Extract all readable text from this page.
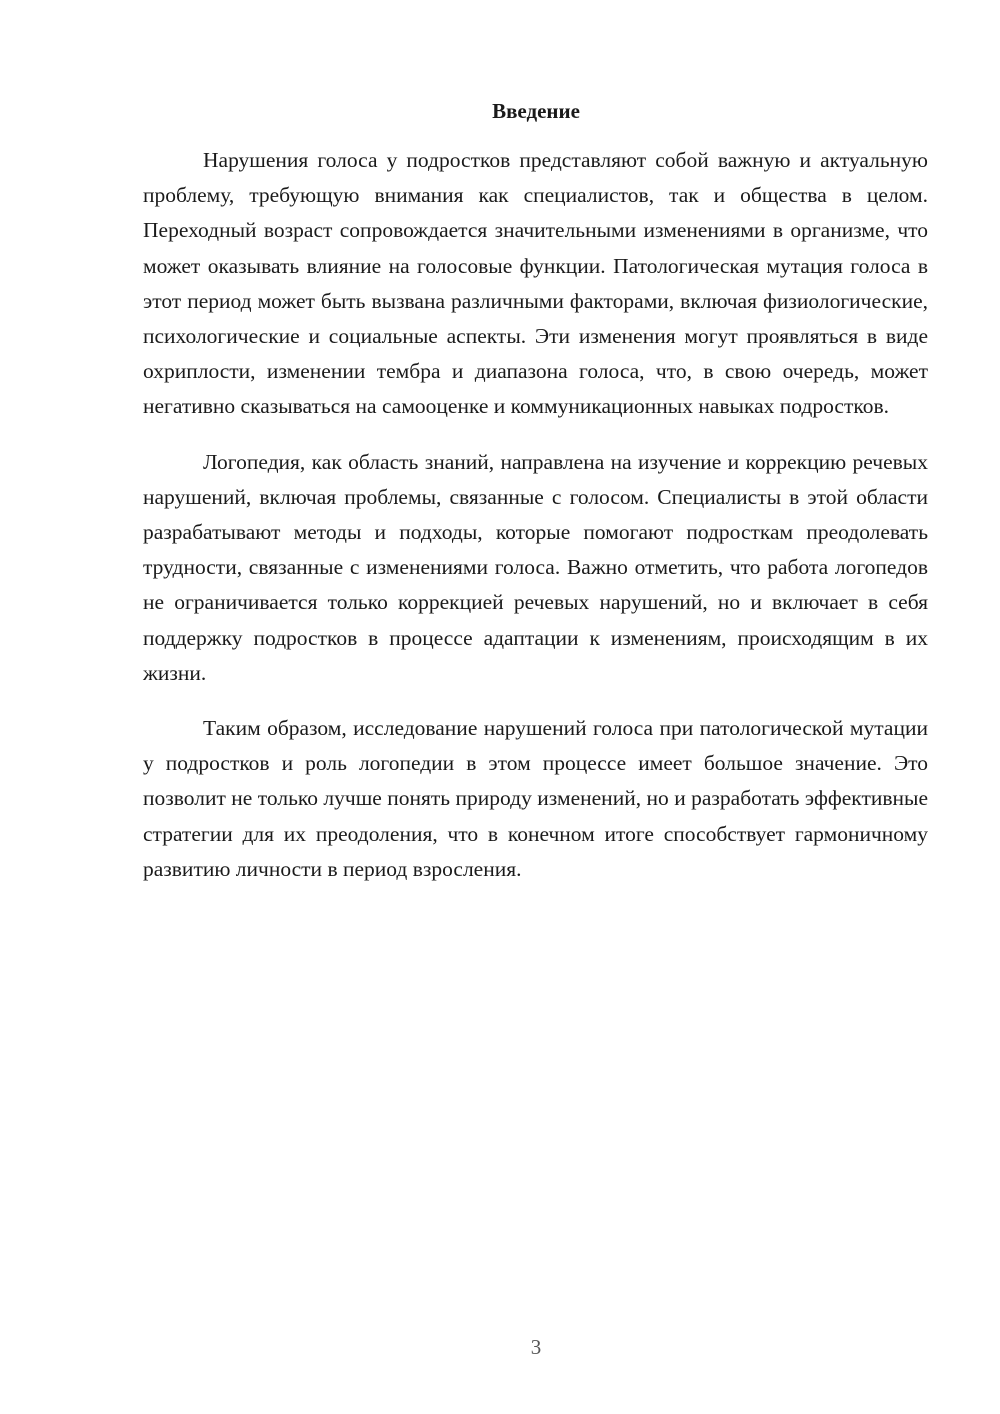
Введение

Нарушения голоса у подростков представляют собой важную и актуальную проблему, требующую внимания как специалистов, так и общества в целом. Переходный возраст сопровождается значительными изменениями в организме, что может оказывать влияние на голосовые функции. Патологическая мутация голоса в этот период может быть вызвана различными факторами, включая физиологические, психологические и социальные аспекты. Эти изменения могут проявляться в виде охриплости, изменении тембра и диапазона голоса, что, в свою очередь, может негативно сказываться на самооценке и коммуникационных навыках подростков.

Логопедия, как область знаний, направлена на изучение и коррекцию речевых нарушений, включая проблемы, связанные с голосом. Специалисты в этой области разрабатывают методы и подходы, которые помогают подросткам преодолевать трудности, связанные с изменениями голоса. Важно отметить, что работа логопедов не ограничивается только коррекцией речевых нарушений, но и включает в себя поддержку подростков в процессе адаптации к изменениям, происходящим в их жизни.

Таким образом, исследование нарушений голоса при патологической мутации у подростков и роль логопедии в этом процессе имеет большое значение. Это позволит не только лучше понять природу изменений, но и разработать эффективные стратегии для их преодоления, что в конечном итоге способствует гармоничному развитию личности в период взросления.

3
